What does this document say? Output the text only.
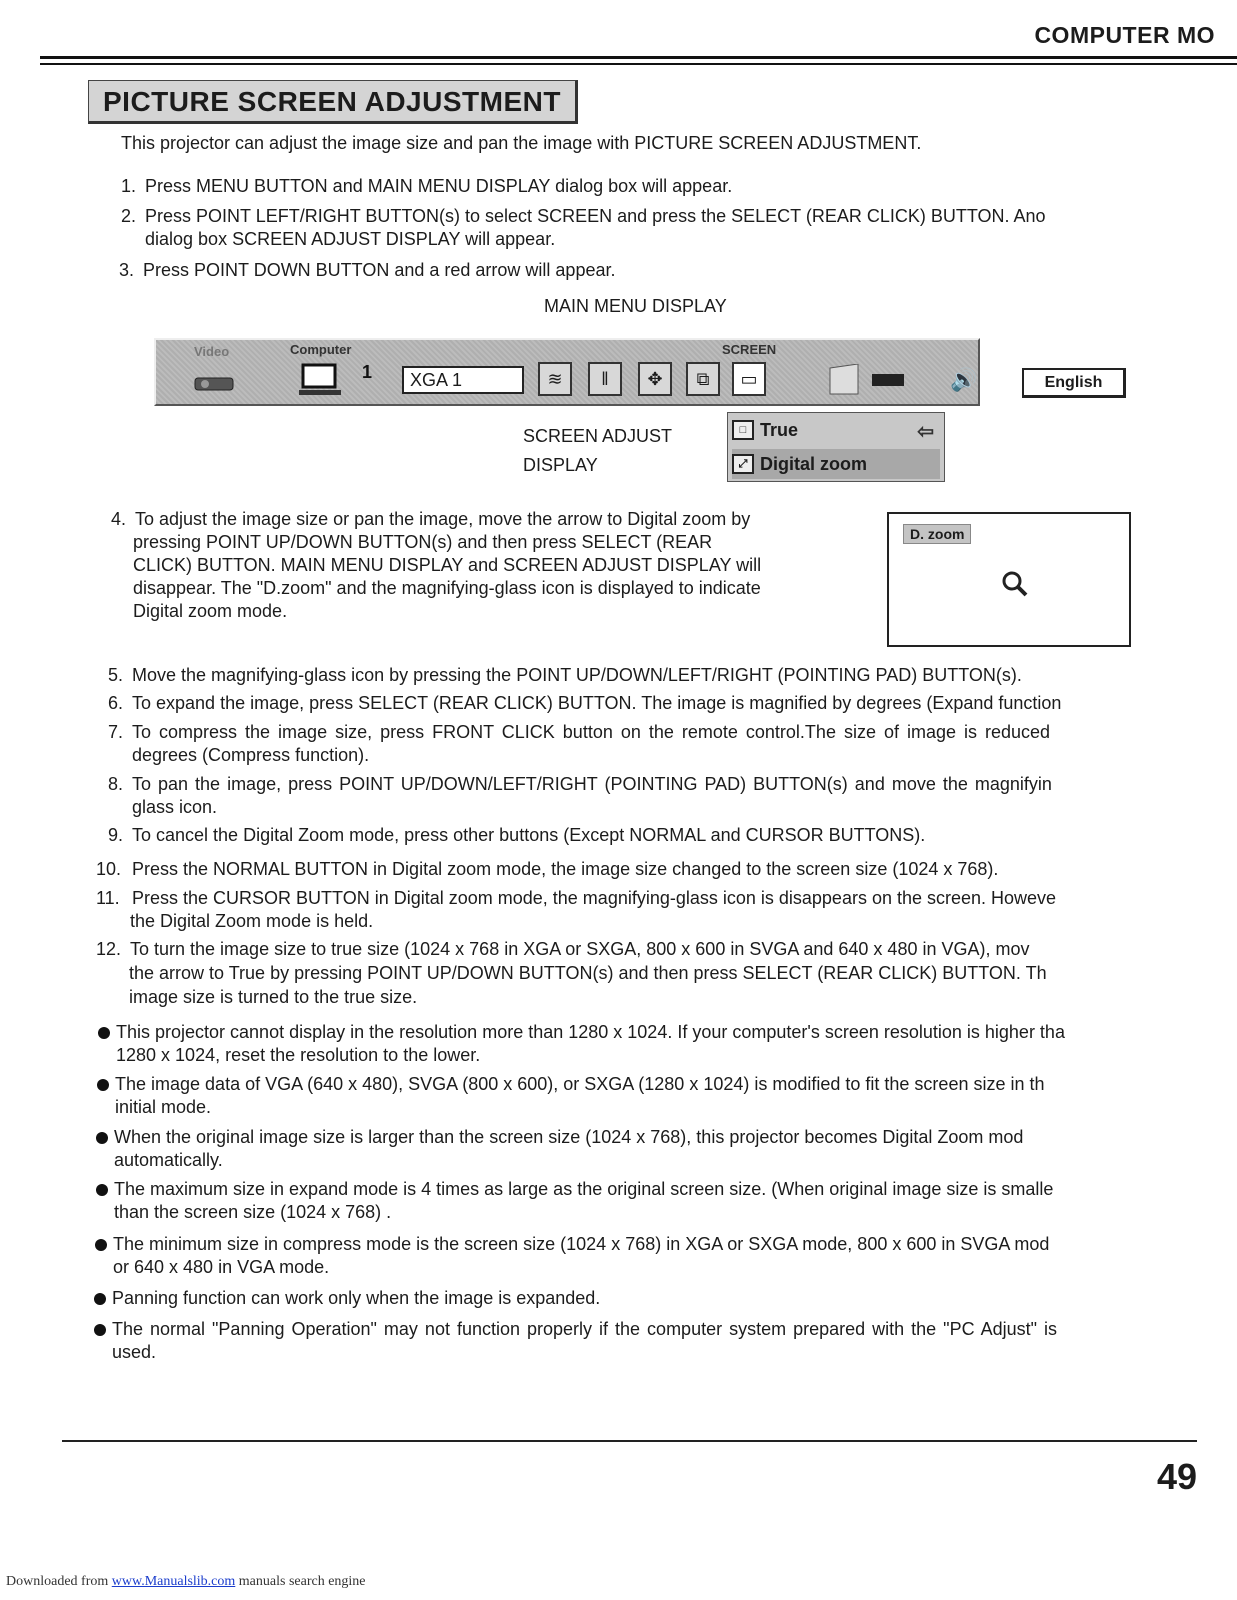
COMPUTER MO
PICTURE SCREEN ADJUSTMENT
This projector can adjust the image size and pan the image with PICTURE SCREEN ADJUSTMENT.
1. Press MENU BUTTON and MAIN MENU DISPLAY dialog box will appear.
2. Press POINT LEFT/RIGHT BUTTON(s) to select SCREEN and press the SELECT (REAR CLICK) BUTTON. Ano
dialog box SCREEN ADJUST DISPLAY will appear.
3. Press POINT DOWN BUTTON and a red arrow will appear.
MAIN MENU DISPLAY
Video	Computer
1	XGA 1	≋	‖	✥	⧉
SCREEN
▭	🔊	English
SCREEN ADJUST
DISPLAY
□ True	⇦
⤢ Digital zoom
4. To adjust the image size or pan the image, move the arrow to Digital zoom by
pressing POINT UP/DOWN BUTTON(s) and then press SELECT (REAR
CLICK) BUTTON. MAIN MENU DISPLAY and SCREEN ADJUST DISPLAY will
disappear. The "D.zoom" and the magnifying-glass icon is displayed to indicate
Digital zoom mode.
D. zoom
5. Move the magnifying-glass icon by pressing the POINT UP/DOWN/LEFT/RIGHT (POINTING PAD) BUTTON(s).
6. To expand the image, press SELECT (REAR CLICK) BUTTON. The image is magnified by degrees (Expand function
7. To compress the image size, press FRONT CLICK button on the remote control.The size of image is reduced
degrees (Compress function).
8. To pan the image, press POINT UP/DOWN/LEFT/RIGHT (POINTING PAD) BUTTON(s) and move the magnifyin
glass icon.
9. To cancel the Digital Zoom mode, press other buttons (Except NORMAL and CURSOR BUTTONS).
10. Press the NORMAL BUTTON in Digital zoom mode, the image size changed to the screen size (1024 x 768).
11. Press the CURSOR BUTTON in Digital zoom mode, the magnifying-glass icon is disappears on the screen. Howeve
the Digital Zoom mode is held.
12. To turn the image size to true size (1024 x 768 in XGA or SXGA, 800 x 600 in SVGA and 640 x 480 in VGA), mov
the arrow to True by pressing POINT UP/DOWN BUTTON(s) and then press SELECT (REAR CLICK) BUTTON. Th
image size is turned to the true size.
This projector cannot display in the resolution more than 1280 x 1024. If your computer's screen resolution is higher tha
1280 x 1024, reset the resolution to the lower.
The image data of VGA (640 x 480), SVGA (800 x 600), or SXGA (1280 x 1024) is modified to fit the screen size in th
initial mode.
When the original image size is larger than the screen size (1024 x 768), this projector becomes Digital Zoom mod
automatically.
The maximum size in expand mode is 4 times as large as the original screen size. (When original image size is smalle
than the screen size (1024 x 768) .
The minimum size in compress mode is the screen size (1024 x 768) in XGA or SXGA mode, 800 x 600 in SVGA mod
or 640 x 480 in VGA mode.
Panning function can work only when the image is expanded.
The normal "Panning Operation" may not function properly if the computer system prepared with the "PC Adjust" is
used.
49
Downloaded from www.Manualslib.com manuals search engine
